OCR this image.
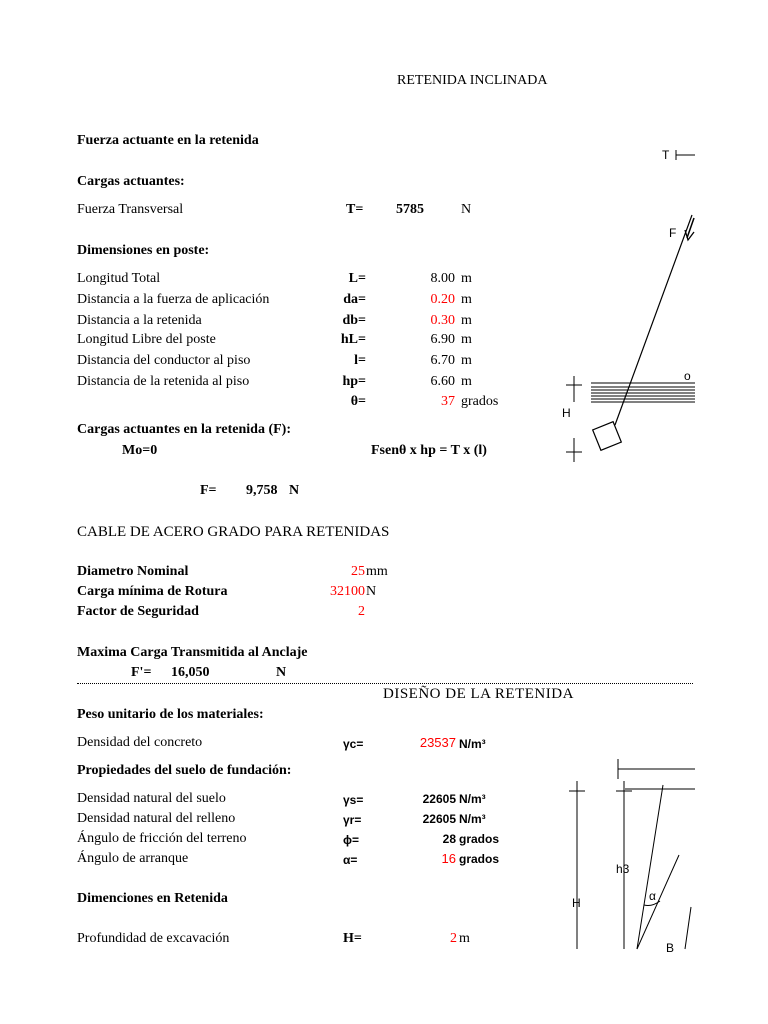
RETENIDA INCLINADA
Fuerza actuante en la retenida
Cargas actuantes:
Fuerza Transversal	T= 5785	N
Dimensiones en poste:
Longitud Total	L=	8.00 m
Distancia a la fuerza de aplicación	da=	0.20 m
Distancia a la retenida	db=	0.30 m
Longitud Libre del poste	hL=	6.90 m
Distancia del conductor al piso	l=	6.70 m
Distancia de la retenida al piso	hp=	6.60 m
θ=	37 grados
Cargas actuantes en la retenida (F):
Mo=0	Fsenθ x hp = T x (l)
F= 9,758 N
CABLE DE ACERO GRADO PARA RETENIDAS
Diametro Nominal	25 mm
Carga mínima de Rotura	32100 N
Factor de Seguridad	2
Maxima Carga Transmitida al Anclaje
F'= 16,050	N
DISEÑO DE LA RETENIDA
Peso unitario de los materiales:
Densidad del concreto	γc=	23537 N/m³
Propiedades del suelo de fundación:
Densidad natural del suelo	γs=	22605 N/m³
Densidad natural del relleno	γr=	22605 N/m³
Ángulo de fricción del terreno	ϕ=	28 grados
Ángulo de arranque	α=	16 grados
Dimenciones en Retenida
Profundidad de excavación	H=	2 m
T
F
H
o
h3
H	α
B
